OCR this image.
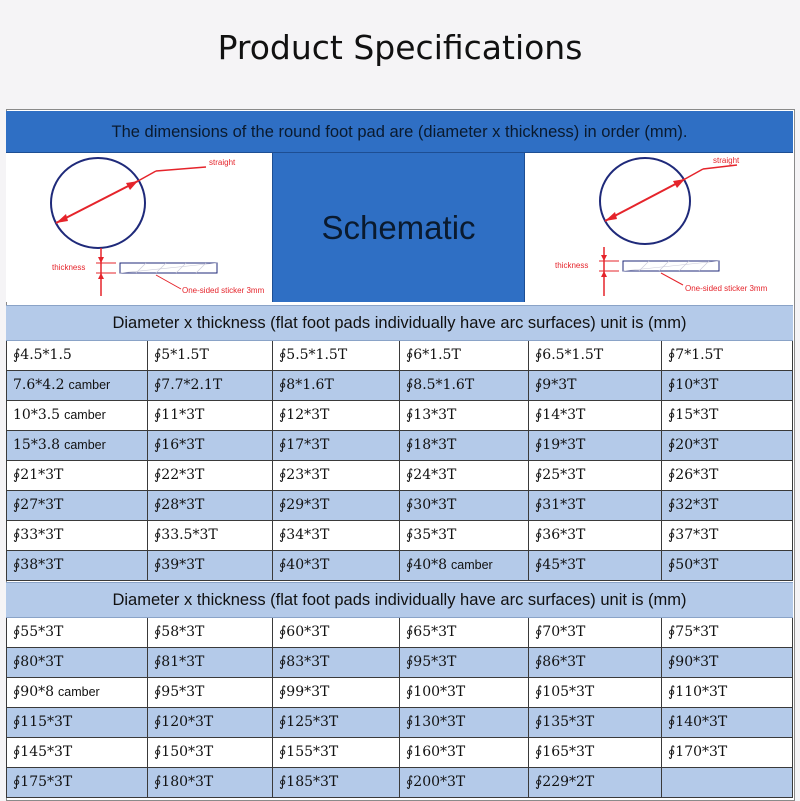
Product Specifications
The dimensions of the round foot pad are (diameter x thickness) in order (mm).
straight
thickness
One-sided sticker 3mm
Schematic
straight
thickness
One-sided sticker 3mm
Diameter x thickness (flat foot pads individually have arc surfaces) unit is (mm)
∮4.5*1.5	∮5*1.5T	∮5.5*1.5T	∮6*1.5T	∮6.5*1.5T	∮7*1.5T
7.6*4.2 camber	∮7.7*2.1T	∮8*1.6T	∮8.5*1.6T	∮9*3T	∮10*3T
10*3.5 camber	∮11*3T	∮12*3T	∮13*3T	∮14*3T	∮15*3T
15*3.8 camber	∮16*3T	∮17*3T	∮18*3T	∮19*3T	∮20*3T
∮21*3T	∮22*3T	∮23*3T	∮24*3T	∮25*3T	∮26*3T
∮27*3T	∮28*3T	∮29*3T	∮30*3T	∮31*3T	∮32*3T
∮33*3T	∮33.5*3T	∮34*3T	∮35*3T	∮36*3T	∮37*3T
∮38*3T	∮39*3T	∮40*3T	∮40*8 camber	∮45*3T	∮50*3T
Diameter x thickness (flat foot pads individually have arc surfaces) unit is (mm)
∮55*3T	∮58*3T	∮60*3T	∮65*3T	∮70*3T	∮75*3T
∮80*3T	∮81*3T	∮83*3T	∮95*3T	∮86*3T	∮90*3T
∮90*8 camber	∮95*3T	∮99*3T	∮100*3T	∮105*3T	∮110*3T
∮115*3T	∮120*3T	∮125*3T	∮130*3T	∮135*3T	∮140*3T
∮145*3T	∮150*3T	∮155*3T	∮160*3T	∮165*3T	∮170*3T
∮175*3T	∮180*3T	∮185*3T	∮200*3T	∮229*2T
